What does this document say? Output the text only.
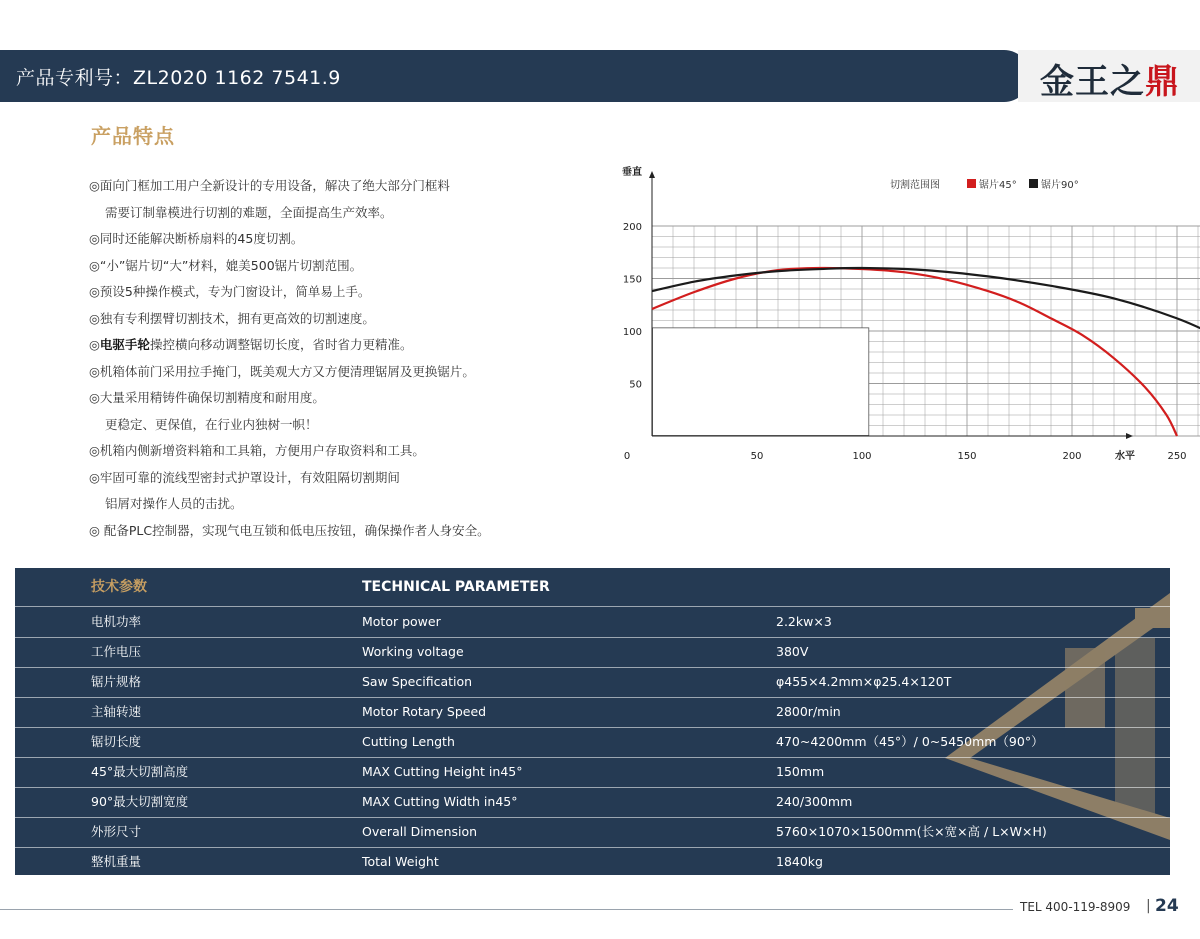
产品专利号：ZL2020 1162 7541.9	金王之鼎
产品特点
◎面向门框加工用户全新设计的专用设备，解决了绝大部分门框料
需要订制靠模进行切割的难题，全面提高生产效率。
◎同时还能解决断桥扇料的45度切割。
◎“小”锯片切“大”材料，媲美500锯片切割范围。
◎预设5种操作模式，专为门窗设计，简单易上手。
◎独有专利摆臂切割技术，拥有更高效的切割速度。
◎电驱手轮操控横向移动调整锯切长度，省时省力更精准。
◎机箱体前门采用拉手掩门，既美观大方又方便清理锯屑及更换锯片。
◎大量采用精铸件确保切割精度和耐用度。
更稳定、更保值，在行业内独树一帜！
◎机箱内侧新增资料箱和工具箱，方便用户存取资料和工具。
◎牢固可靠的流线型密封式护罩设计，有效阻隔切割期间
铝屑对操作人员的击扰。
◎ 配备PLC控制器，实现气电互锁和低电压按钮，确保操作者人身安全。
0	50	100	150	200	250
50
100
150
200
垂直
水平
切割范围图	锯片45° 锯片90°
技术参数	TECHNICAL PARAMETER
电机功率	Motor power	2.2kw×3
工作电压	Working voltage	380V
锯片规格	Saw Specification	φ455×4.2mm×φ25.4×120T
主轴转速	Motor Rotary Speed	2800r/min
锯切长度	Cutting Length	470~4200mm（45°）/ 0~5450mm（90°）
45°最大切割高度	MAX Cutting Height in45°	150mm
90°最大切割宽度	MAX Cutting Width in45°	240/300mm
外形尺寸	Overall Dimension	5760×1070×1500mm(长×宽×高 / L×W×H)
整机重量	Total Weight	1840kg
TEL 400-119-8909 | 24
